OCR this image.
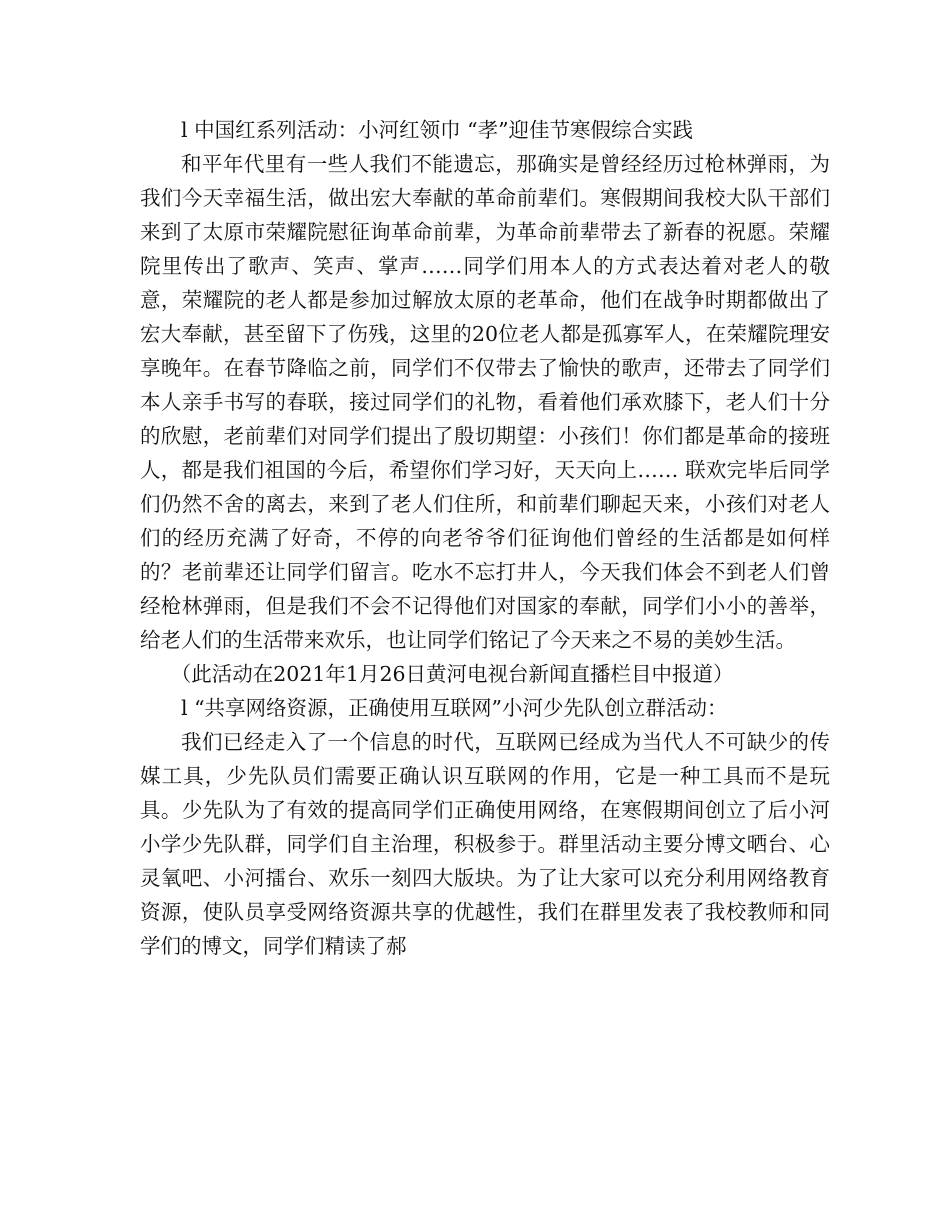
l 中国红系列活动：小河红领巾 “孝”迎佳节寒假综合实践

和平年代里有一些人我们不能遗忘，那确实是曾经经历过枪林弹雨，为我们今天幸福生活，做出宏大奉献的革命前辈们。寒假期间我校大队干部们来到了太原市荣耀院慰征询革命前辈，为革命前辈带去了新春的祝愿。荣耀院里传出了歌声、笑声、掌声……同学们用本人的方式表达着对老人的敬意，荣耀院的老人都是参加过解放太原的老革命，他们在战争时期都做出了宏大奉献，甚至留下了伤残，这里的20位老人都是孤寡军人，在荣耀院理安享晚年。在春节降临之前，同学们不仅带去了愉快的歌声，还带去了同学们本人亲手书写的春联，接过同学们的礼物，看着他们承欢膝下，老人们十分的欣慰，老前辈们对同学们提出了殷切期望：小孩们！你们都是革命的接班人，都是我们祖国的今后，希望你们学习好，天天向上…… 联欢完毕后同学们仍然不舍的离去，来到了老人们住所，和前辈们聊起天来，小孩们对老人们的经历充满了好奇，不停的向老爷爷们征询他们曾经的生活都是如何样的？老前辈还让同学们留言。吃水不忘打井人，今天我们体会不到老人们曾经枪林弹雨，但是我们不会不记得他们对国家的奉献，同学们小小的善举，给老人们的生活带来欢乐，也让同学们铭记了今天来之不易的美妙生活。

（此活动在2021年1月26日黄河电视台新闻直播栏目中报道）

l “共享网络资源，正确使用互联网”小河少先队创立群活动：

我们已经走入了一个信息的时代，互联网已经成为当代人不可缺少的传媒工具，少先队员们需要正确认识互联网的作用，它是一种工具而不是玩具。少先队为了有效的提高同学们正确使用网络，在寒假期间创立了后小河小学少先队群，同学们自主治理，积极参于。群里活动主要分博文晒台、心灵氧吧、小河擂台、欢乐一刻四大版块。为了让大家可以充分利用网络教育资源，使队员享受网络资源共享的优越性，我们在群里发表了我校教师和同学们的博文，同学们精读了郝
